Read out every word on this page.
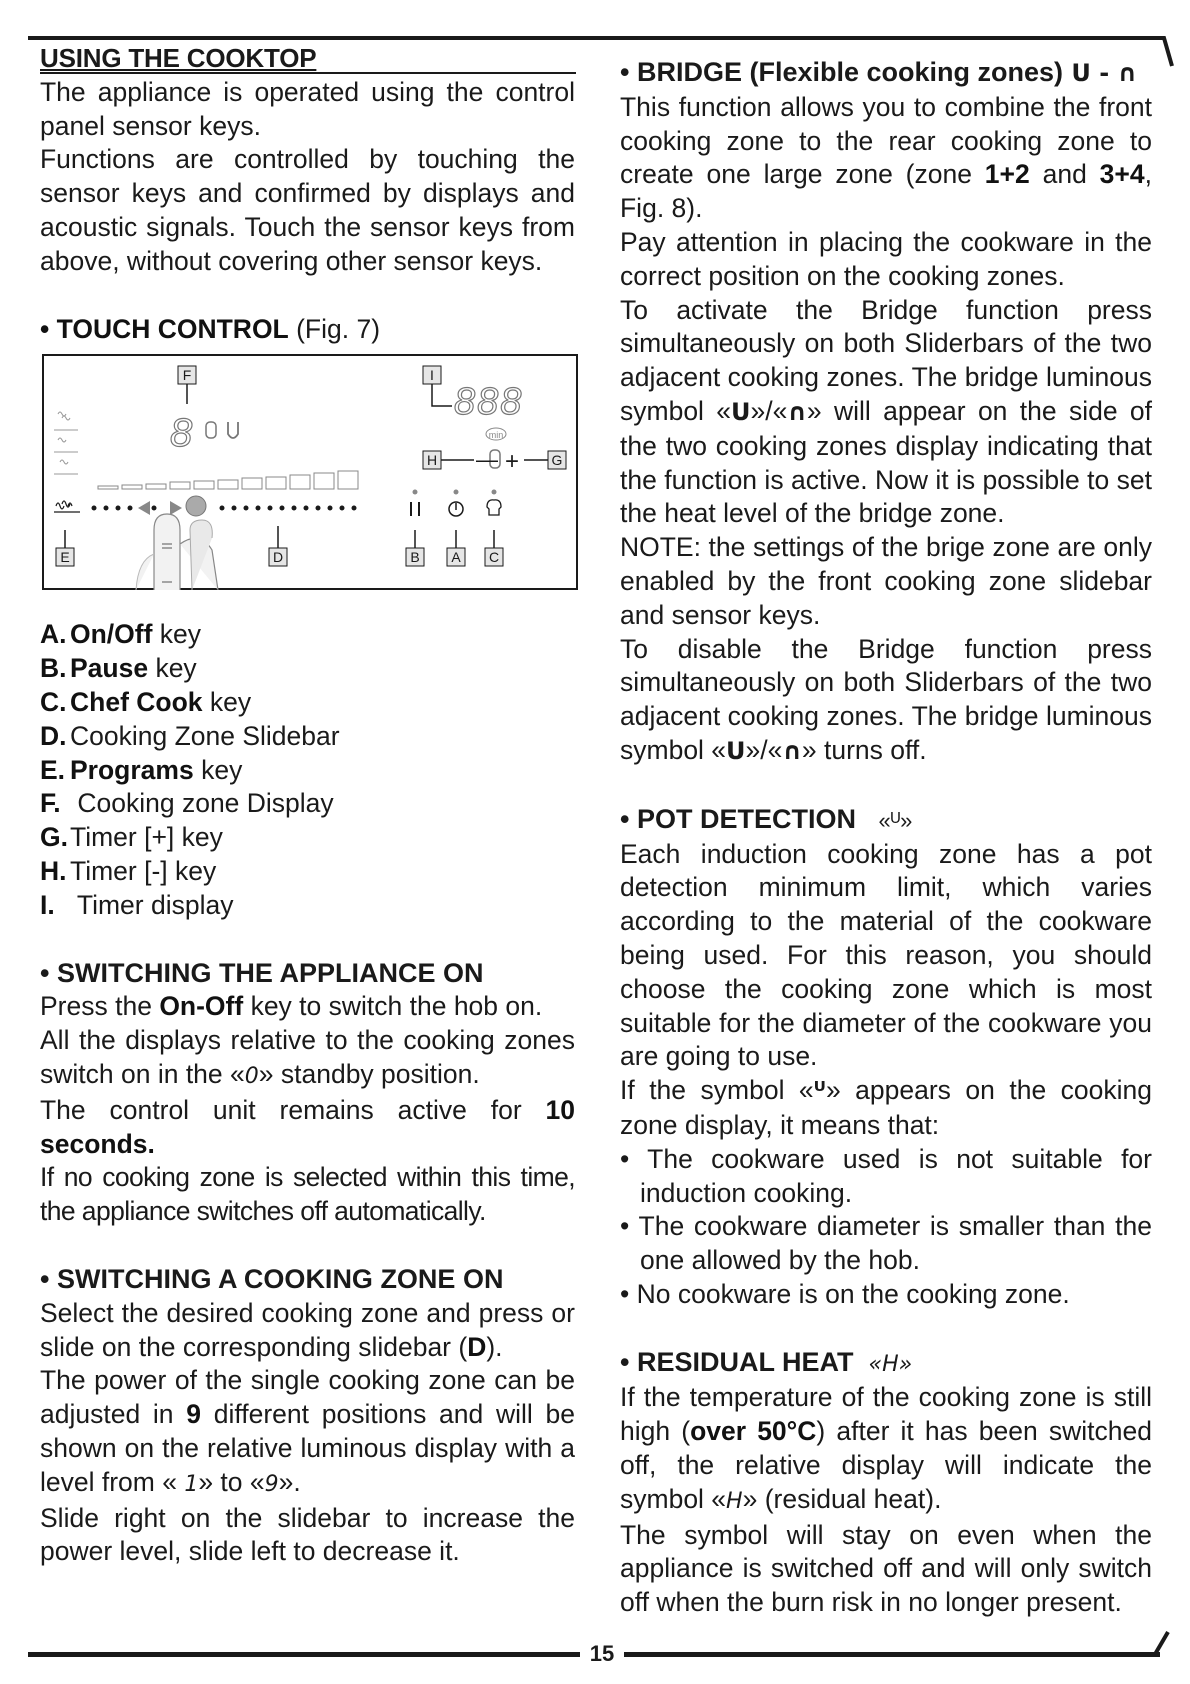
USING THE COOKTOP

The appliance is operated using the control panel sensor keys.

Functions are controlled by touching the sensor keys and confirmed by displays and acoustic signals. Touch the sensor keys from above, without covering other sensor keys.

• TOUCH CONTROL (Fig. 7)

F	I
H	G
E	D	B A C
8
888
min
— +

A. On/Off key

B. Pause key

C. Chef Cook key

D. Cooking Zone Slidebar

E. Programs key

F. Cooking zone Display

G.Timer [+] key

H. Timer [-] key

I. Timer display

• SWITCHING THE APPLIANCE ON

Press the On-Off key to switch the hob on.

All the displays relative to the cooking zones switch on in the «0» standby position.

The control unit remains active for 10 seconds.

If no cooking zone is selected within this time, the appliance switches off automatically.

• SWITCHING A COOKING ZONE ON

Select the desired cooking zone and press or slide on the corresponding slidebar (D).

The power of the single cooking zone can be adjusted in 9 different positions and will be shown on the relative luminous display with a level from « 1» to «9».

Slide right on the slidebar to increase the power level, slide left to decrease it.

• BRIDGE (Flexible cooking zones) U - ∩

This function allows you to combine the front cooking zone to the rear cooking zone to create one large zone (zone 1+2 and 3+4, Fig. 8).

Pay attention in placing the cookware in the correct position on the cooking zones.

To activate the Bridge function press simultaneously on both Sliderbars of the two adjacent cooking zones. The bridge luminous symbol «U»/«∩» will appear on the side of the two cooking zones display indicating that the function is active. Now it is possible to set the heat level of the bridge zone.

NOTE: the settings of the brige zone are only enabled by the front cooking zone slidebar and sensor keys.

To disable the Bridge function press simultaneously on both Sliderbars of the two adjacent cooking zones. The bridge luminous symbol «U»/«∩» turns off.

• POT DETECTION «ᵁ»

Each induction cooking zone has a pot detection minimum limit, which varies according to the material of the cookware being used. For this reason, you should choose the cooking zone which is most suitable for the diameter of the cookware you are going to use.

If the symbol «ᵁ» appears on the cooking zone display, it means that:

• The cookware used is not suitable for induction cooking.

• The cookware diameter is smaller than the one allowed by the hob.

• No cookware is on the cooking zone.

• RESIDUAL HEAT «H»

If the temperature of the cooking zone is still high (over 50°C) after it has been switched off, the relative display will indicate the symbol «H» (residual heat).

The symbol will stay on even when the appliance is switched off and will only switch off when the burn risk in no longer present.

15
